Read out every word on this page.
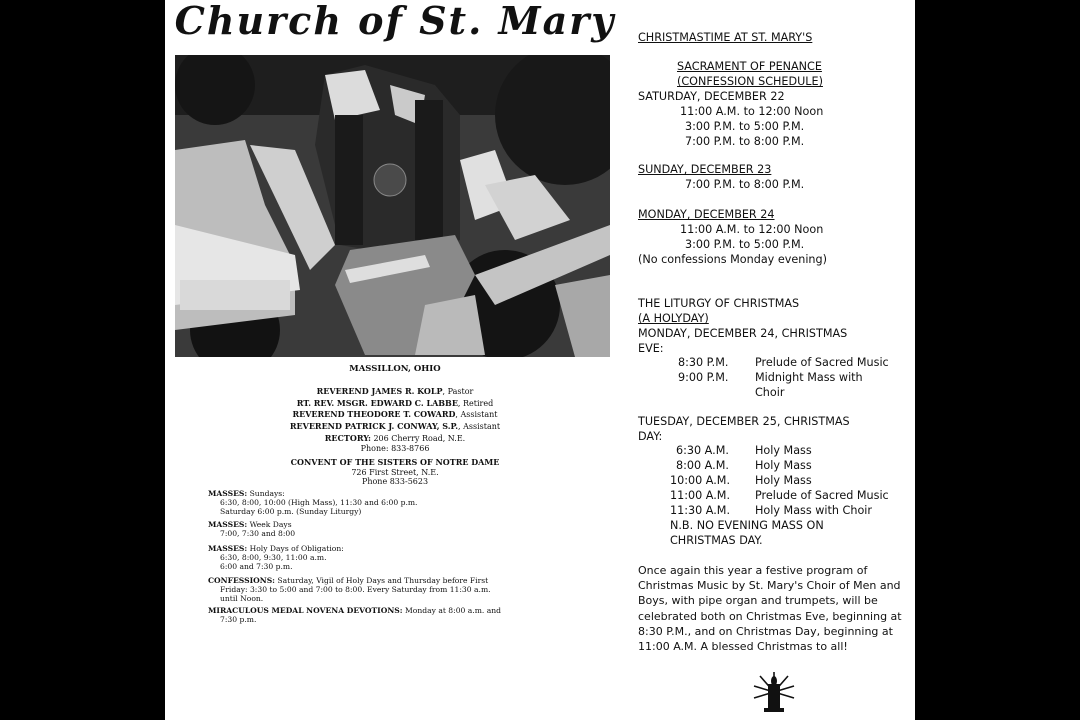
Church of St. Mary
MASSILLON, OHIO
REVEREND JAMES R. KOLP, Pastor
RT. REV. MSGR. EDWARD C. LABBE, Retired
REVEREND THEODORE T. COWARD, Assistant
REVEREND PATRICK J. CONWAY, S.P., Assistant
RECTORY: 206 Cherry Road, N.E.
Phone: 833-8766
CONVENT OF THE SISTERS OF NOTRE DAME
726 First Street, N.E.
Phone 833-5623
MASSES: Sundays:
6:30, 8:00, 10:00 (High Mass), 11:30 and 6:00 p.m.
Saturday 6:00 p.m. (Sunday Liturgy)
MASSES: Week Days
7:00, 7:30 and 8:00
MASSES: Holy Days of Obligation:
6:30, 8:00, 9:30, 11:00 a.m.
6:00 and 7:30 p.m.
CONFESSIONS: Saturday, Vigil of Holy Days and Thursday before First
Friday: 3:30 to 5:00 and 7:00 to 8:00. Every Saturday from 11:30 a.m.
until Noon.
MIRACULOUS MEDAL NOVENA DEVOTIONS: Monday at 8:00 a.m. and
7:30 p.m.
CHRISTMASTIME AT ST. MARY'S
SACRAMENT OF PENANCE
(CONFESSION SCHEDULE)
SATURDAY, DECEMBER 22
11:00 A.M. to 12:00 Noon
3:00 P.M. to 5:00 P.M.
7:00 P.M. to 8:00 P.M.
SUNDAY, DECEMBER 23
7:00 P.M. to 8:00 P.M.
MONDAY, DECEMBER 24
11:00 A.M. to 12:00 Noon
3:00 P.M. to 5:00 P.M.
(No confessions Monday evening)
THE LITURGY OF CHRISTMAS
(A HOLYDAY)
MONDAY, DECEMBER 24, CHRISTMAS
EVE:
8:30 P.M. Prelude of Sacred Music
9:00 P.M. Midnight Mass with
Choir
TUESDAY, DECEMBER 25, CHRISTMAS
DAY:
6:30 A.M. Holy Mass
8:00 A.M. Holy Mass
10:00 A.M. Holy Mass
11:00 A.M. Prelude of Sacred Music
11:30 A.M. Holy Mass with Choir
N.B. NO EVENING MASS ON
CHRISTMAS DAY.
Once again this year a festive program of Christmas Music by St. Mary's Choir of Men and Boys, with pipe organ and trumpets, will be celebrated both on Christmas Eve, beginning at 8:30 P.M., and on Christmas Day, beginning at 11:00 A.M. A blessed Christmas to all!
